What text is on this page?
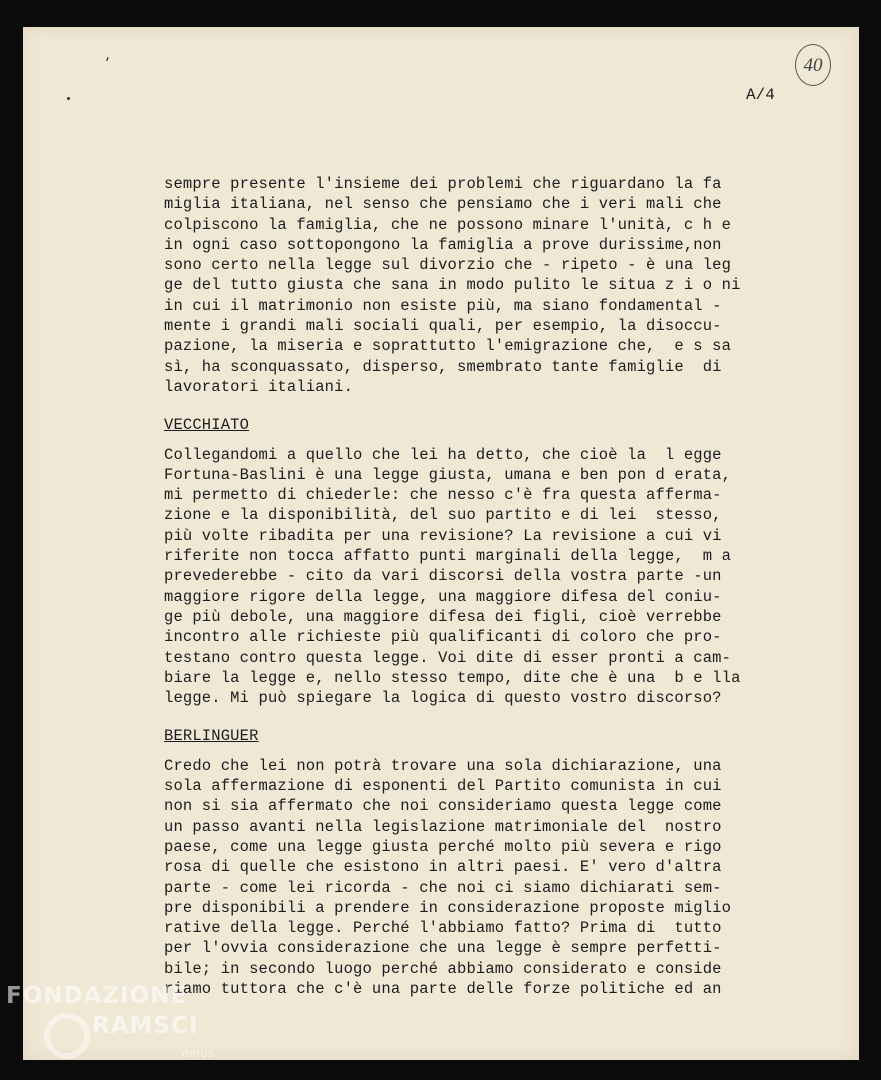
'

A/4

40
sempre presente l'insieme dei problemi che riguardano la fa
miglia italiana, nel senso che pensiamo che i veri mali che
colpiscono la famiglia, che ne possono minare l'unità, c h e
in ogni caso sottopongono la famiglia a prove durissime,non
sono certo nella legge sul divorzio che - ripeto - è una leg
ge del tutto giusta che sana in modo pulito le situa z i o ni
in cui il matrimonio non esiste più, ma siano fondamental -
mente i grandi mali sociali quali, per esempio, la disoccu-
pazione, la miseria e soprattutto l'emigrazione che,  e s sa
sì, ha sconquassato, disperso, smembrato tante famiglie  di
lavoratori italiani.
VECCHIATO
Collegandomi a quello che lei ha detto, che cioè la  l egge
Fortuna-Baslini è una legge giusta, umana e ben pon d erata,
mi permetto di chiederle: che nesso c'è fra questa afferma-
zione e la disponibilità, del suo partito e di lei  stesso,
più volte ribadita per una revisione? La revisione a cui vi
riferite non tocca affatto punti marginali della legge,  m a
prevederebbe - cito da vari discorsi della vostra parte -un
maggiore rigore della legge, una maggiore difesa del coniu-
ge più debole, una maggiore difesa dei figli, cioè verrebbe
incontro alle richieste più qualificanti di coloro che pro-
testano contro questa legge. Voi dite di esser pronti a cam-
biare la legge e, nello stesso tempo, dite che è una  b e lla
legge. Mi può spiegare la logica di questo vostro discorso?
BERLINGUER
Credo che lei non potrà trovare una sola dichiarazione, una
sola affermazione di esponenti del Partito comunista in cui
non si sia affermato che noi consideriamo questa legge come
un passo avanti nella legislazione matrimoniale del  nostro
paese, come una legge giusta perché molto più severa e rigo
rosa di quelle che esistono in altri paesi. E' vero d'altra
parte - come lei ricorda - che noi ci siamo dichiarati sem-
pre disponibili a prendere in considerazione proposte miglio
rative della legge. Perché l'abbiamo fatto? Prima di  tutto
per l'ovvia considerazione che una legge è sempre perfetti-
bile; in secondo luogo perché abbiamo considerato e conside
riamo tuttora che c'è una parte delle forze politiche ed an

FONDAZIONE

RAMSCI

onlus
